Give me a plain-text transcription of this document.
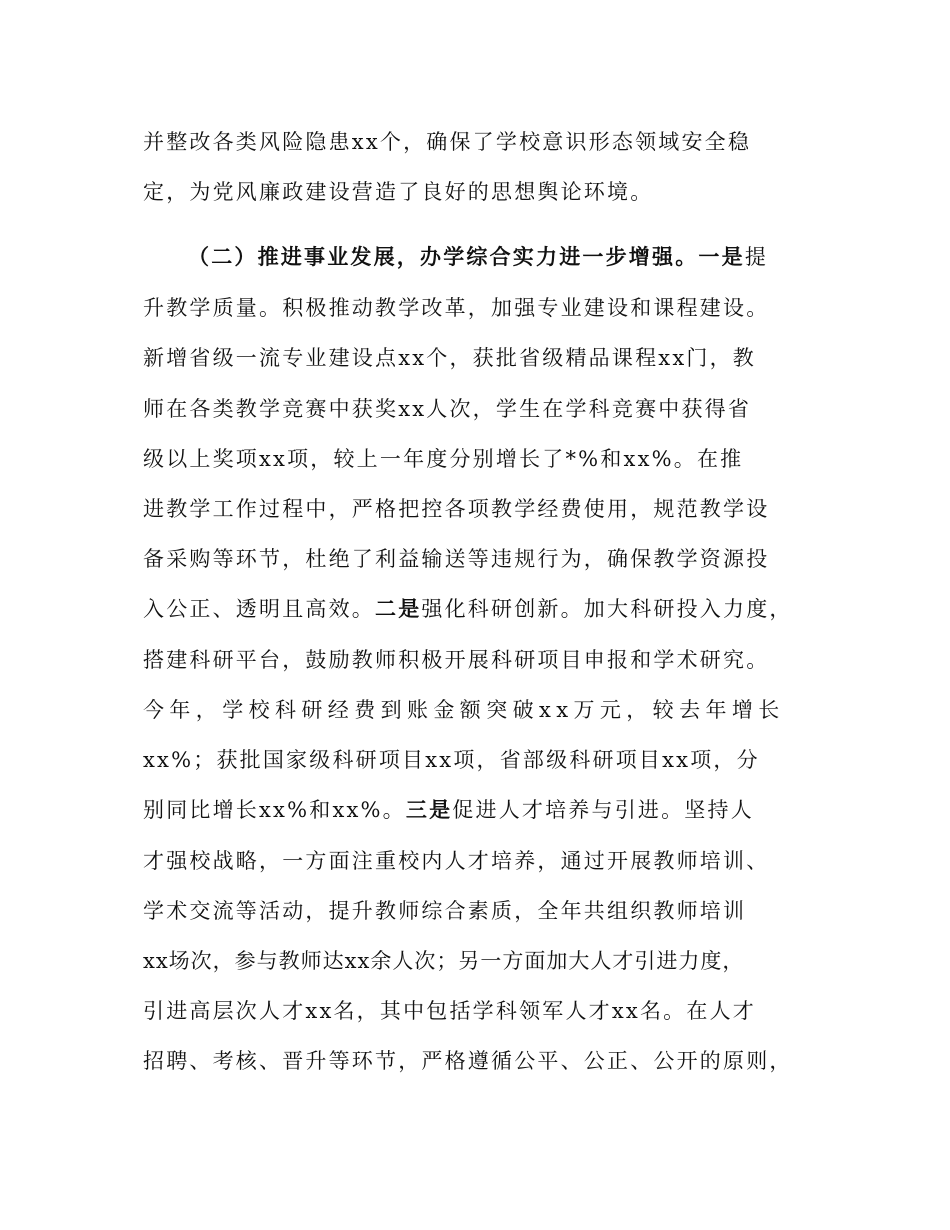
并整改各类风险隐患xx个，确保了学校意识形态领域安全稳
定，为党风廉政建设营造了良好的思想舆论环境。
（二）推进事业发展，办学综合实力进一步增强。一是提
升教学质量。积极推动教学改革，加强专业建设和课程建设。
新增省级一流专业建设点xx个，获批省级精品课程xx门，教
师在各类教学竞赛中获奖xx人次，学生在学科竞赛中获得省
级以上奖项xx项，较上一年度分别增长了*%和xx%。在推
进教学工作过程中，严格把控各项教学经费使用，规范教学设
备采购等环节，杜绝了利益输送等违规行为，确保教学资源投
入公正、透明且高效。二是强化科研创新。加大科研投入力度，
搭建科研平台，鼓励教师积极开展科研项目申报和学术研究。
今年，学校科研经费到账金额突破xx万元，较去年增长
xx%；获批国家级科研项目xx项，省部级科研项目xx项，分
别同比增长xx%和xx%。三是促进人才培养与引进。坚持人
才强校战略，一方面注重校内人才培养，通过开展教师培训、
学术交流等活动，提升教师综合素质，全年共组织教师培训
xx场次，参与教师达xx余人次；另一方面加大人才引进力度，
引进高层次人才xx名，其中包括学科领军人才xx名。在人才
招聘、考核、晋升等环节，严格遵循公平、公正、公开的原则，
